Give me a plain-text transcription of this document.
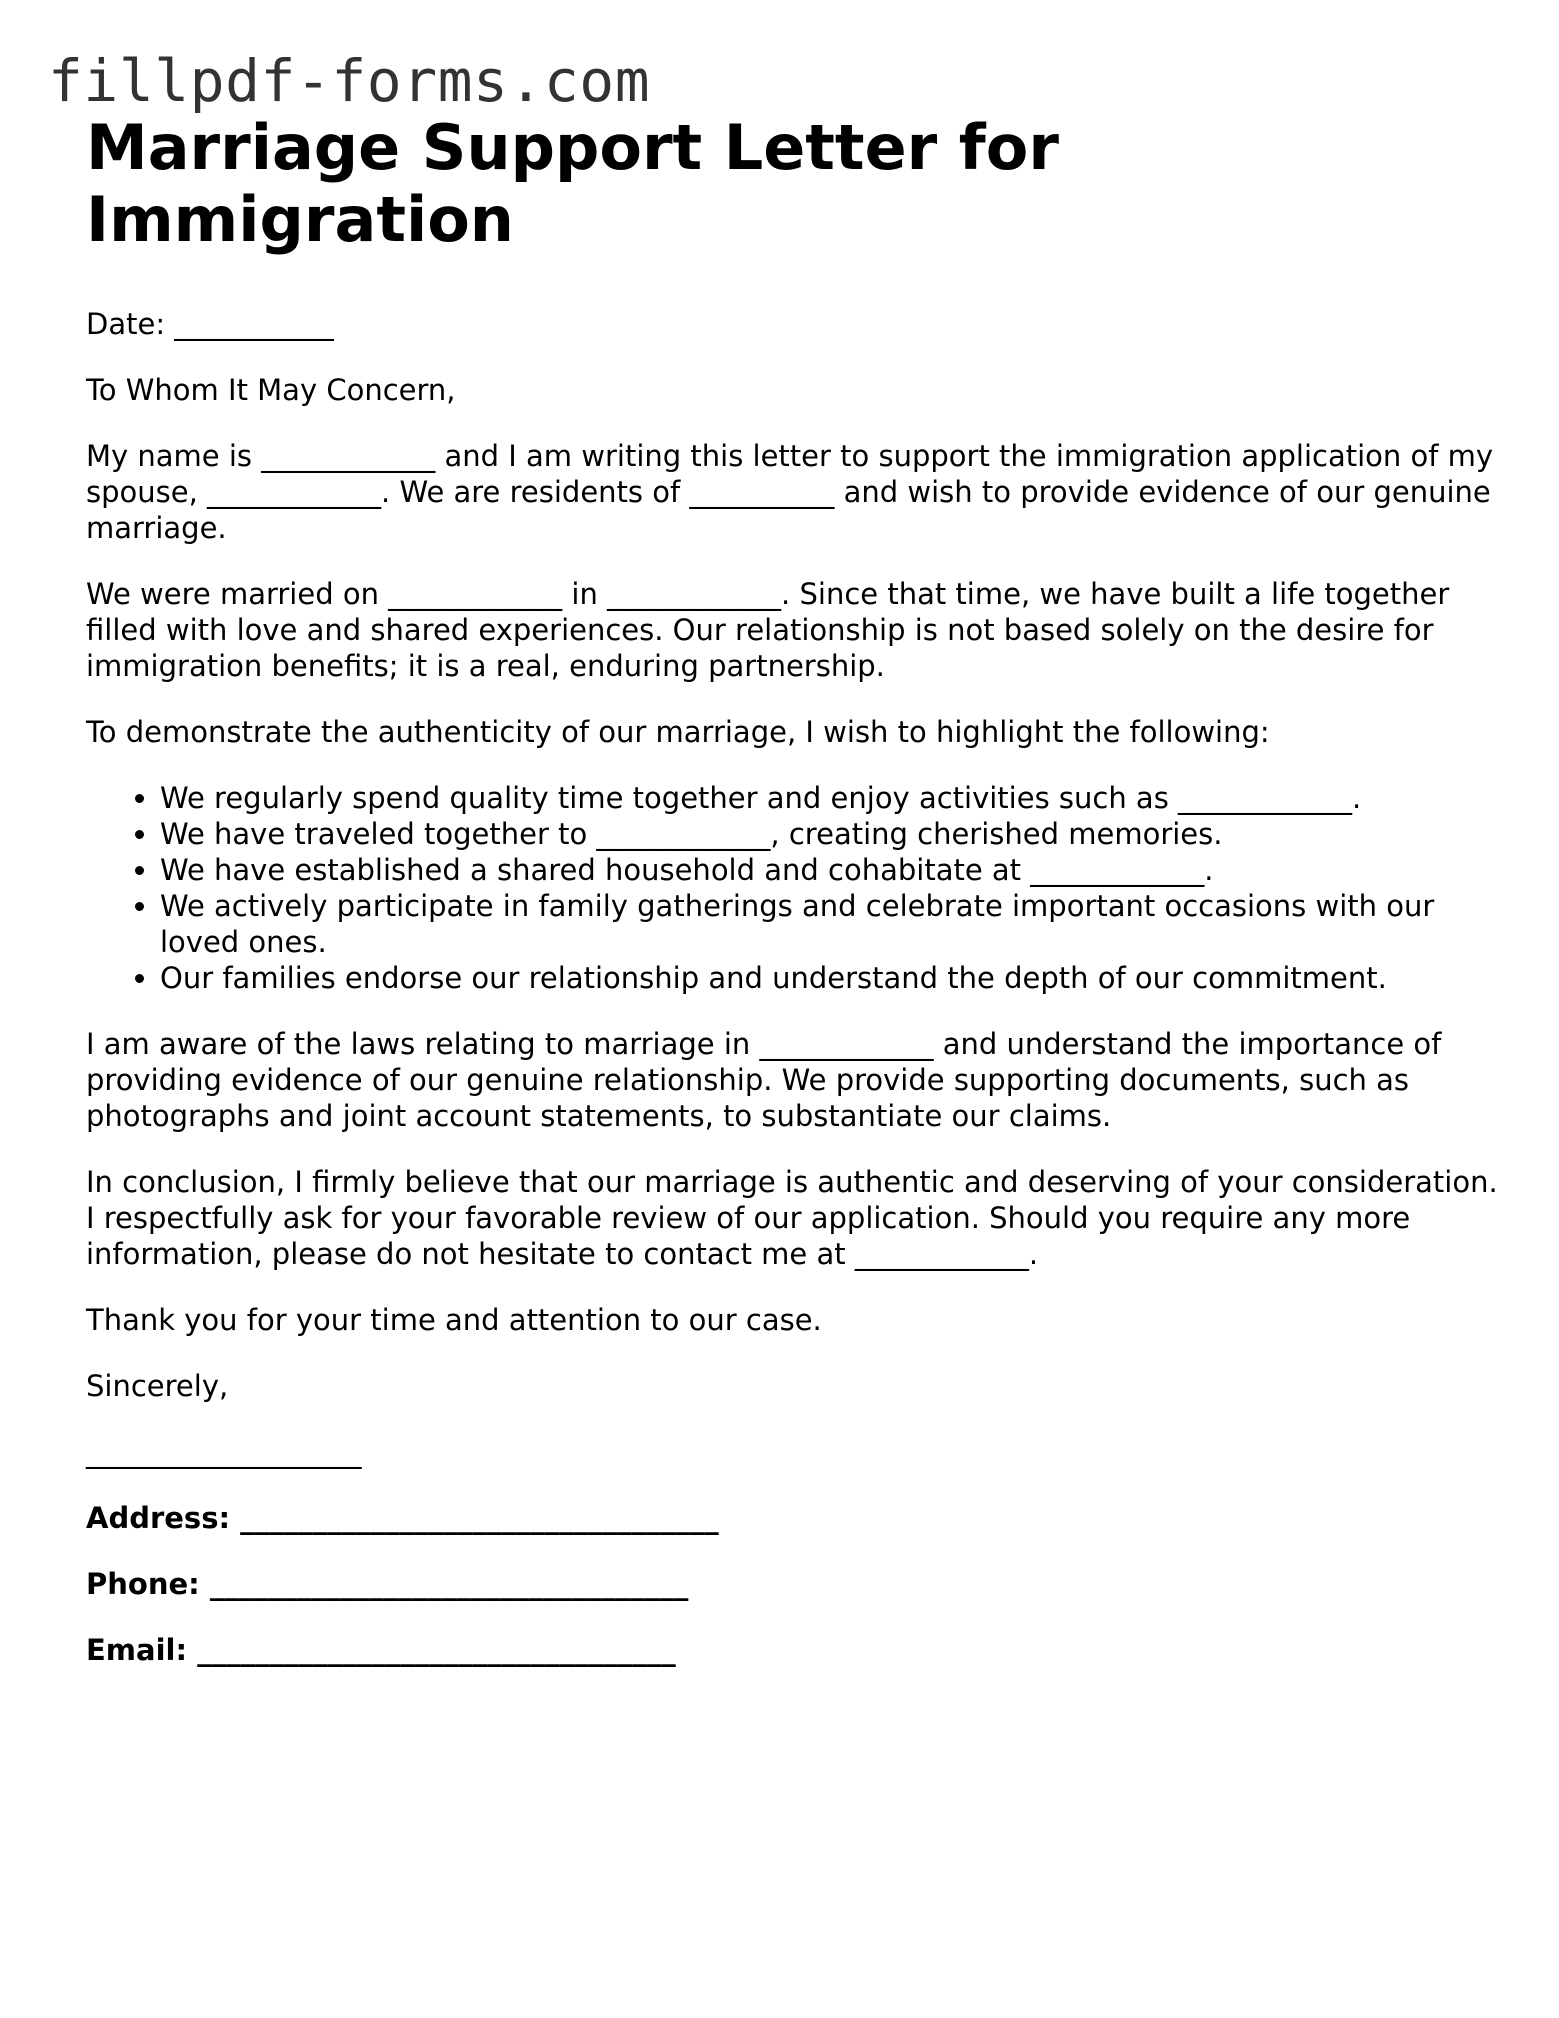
fillpdf-forms.com
Marriage Support Letter for Immigration

Date: ___________

To Whom It May Concern,

My name is ____________ and I am writing this letter to support the immigration application of my spouse, ____________. We are residents of __________ and wish to provide evidence of our genuine marriage.

We were married on ____________ in ____________. Since that time, we have built a life together filled with love and shared experiences. Our relationship is not based solely on the desire for immigration benefits; it is a real, enduring partnership.

To demonstrate the authenticity of our marriage, I wish to highlight the following:

• We regularly spend quality time together and enjoy activities such as ____________.
• We have traveled together to ____________, creating cherished memories.
• We have established a shared household and cohabitate at ____________.
• We actively participate in family gatherings and celebrate important occasions with our loved ones.
• Our families endorse our relationship and understand the depth of our commitment.

I am aware of the laws relating to marriage in ____________ and understand the importance of providing evidence of our genuine relationship. We provide supporting documents, such as photographs and joint account statements, to substantiate our claims.

In conclusion, I firmly believe that our marriage is authentic and deserving of your consideration. I respectfully ask for your favorable review of our application. Should you require any more information, please do not hesitate to contact me at ____________.

Thank you for your time and attention to our case.

Sincerely,

___________________

Address: _________________________________

Phone: _________________________________

Email: _________________________________
